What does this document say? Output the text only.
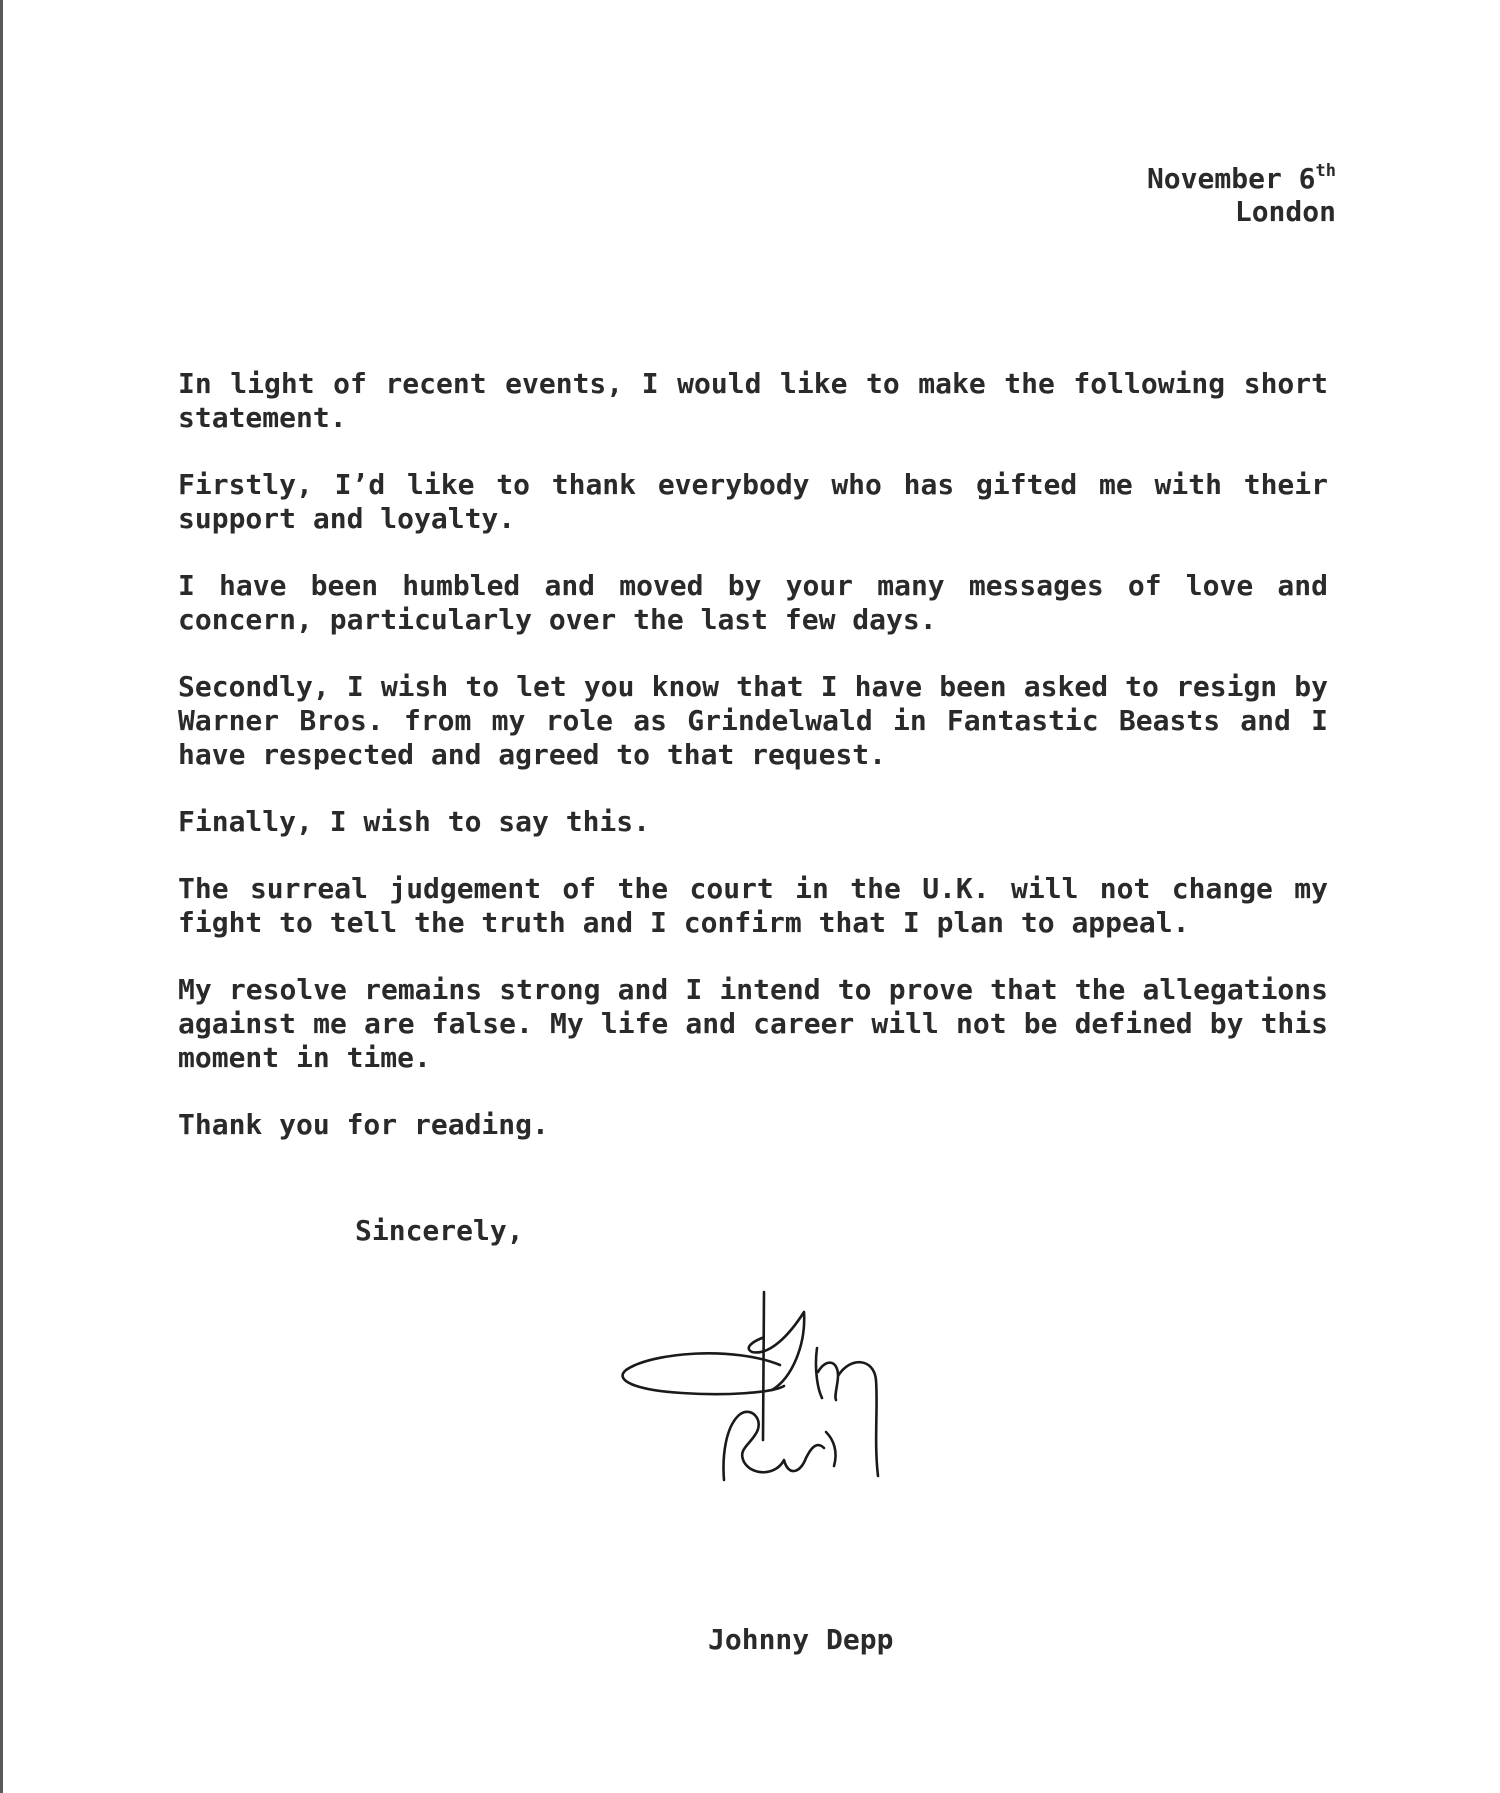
November 6th
London

In light of recent events, I would like to make the following short statement.

Firstly, I’d like to thank everybody who has gifted me with their support and loyalty.

I have been humbled and moved by your many messages of love and concern, particularly over the last few days.

Secondly, I wish to let you know that I have been asked to resign by Warner Bros. from my role as Grindelwald in Fantastic Beasts and I have respected and agreed to that request.

Finally, I wish to say this.

The surreal judgement of the court in the U.K. will not change my fight to tell the truth and I confirm that I plan to appeal.

My resolve remains strong and I intend to prove that the allegations against me are false. My life and career will not be defined by this moment in time.

Thank you for reading.

Sincerely,
Johnny Depp
